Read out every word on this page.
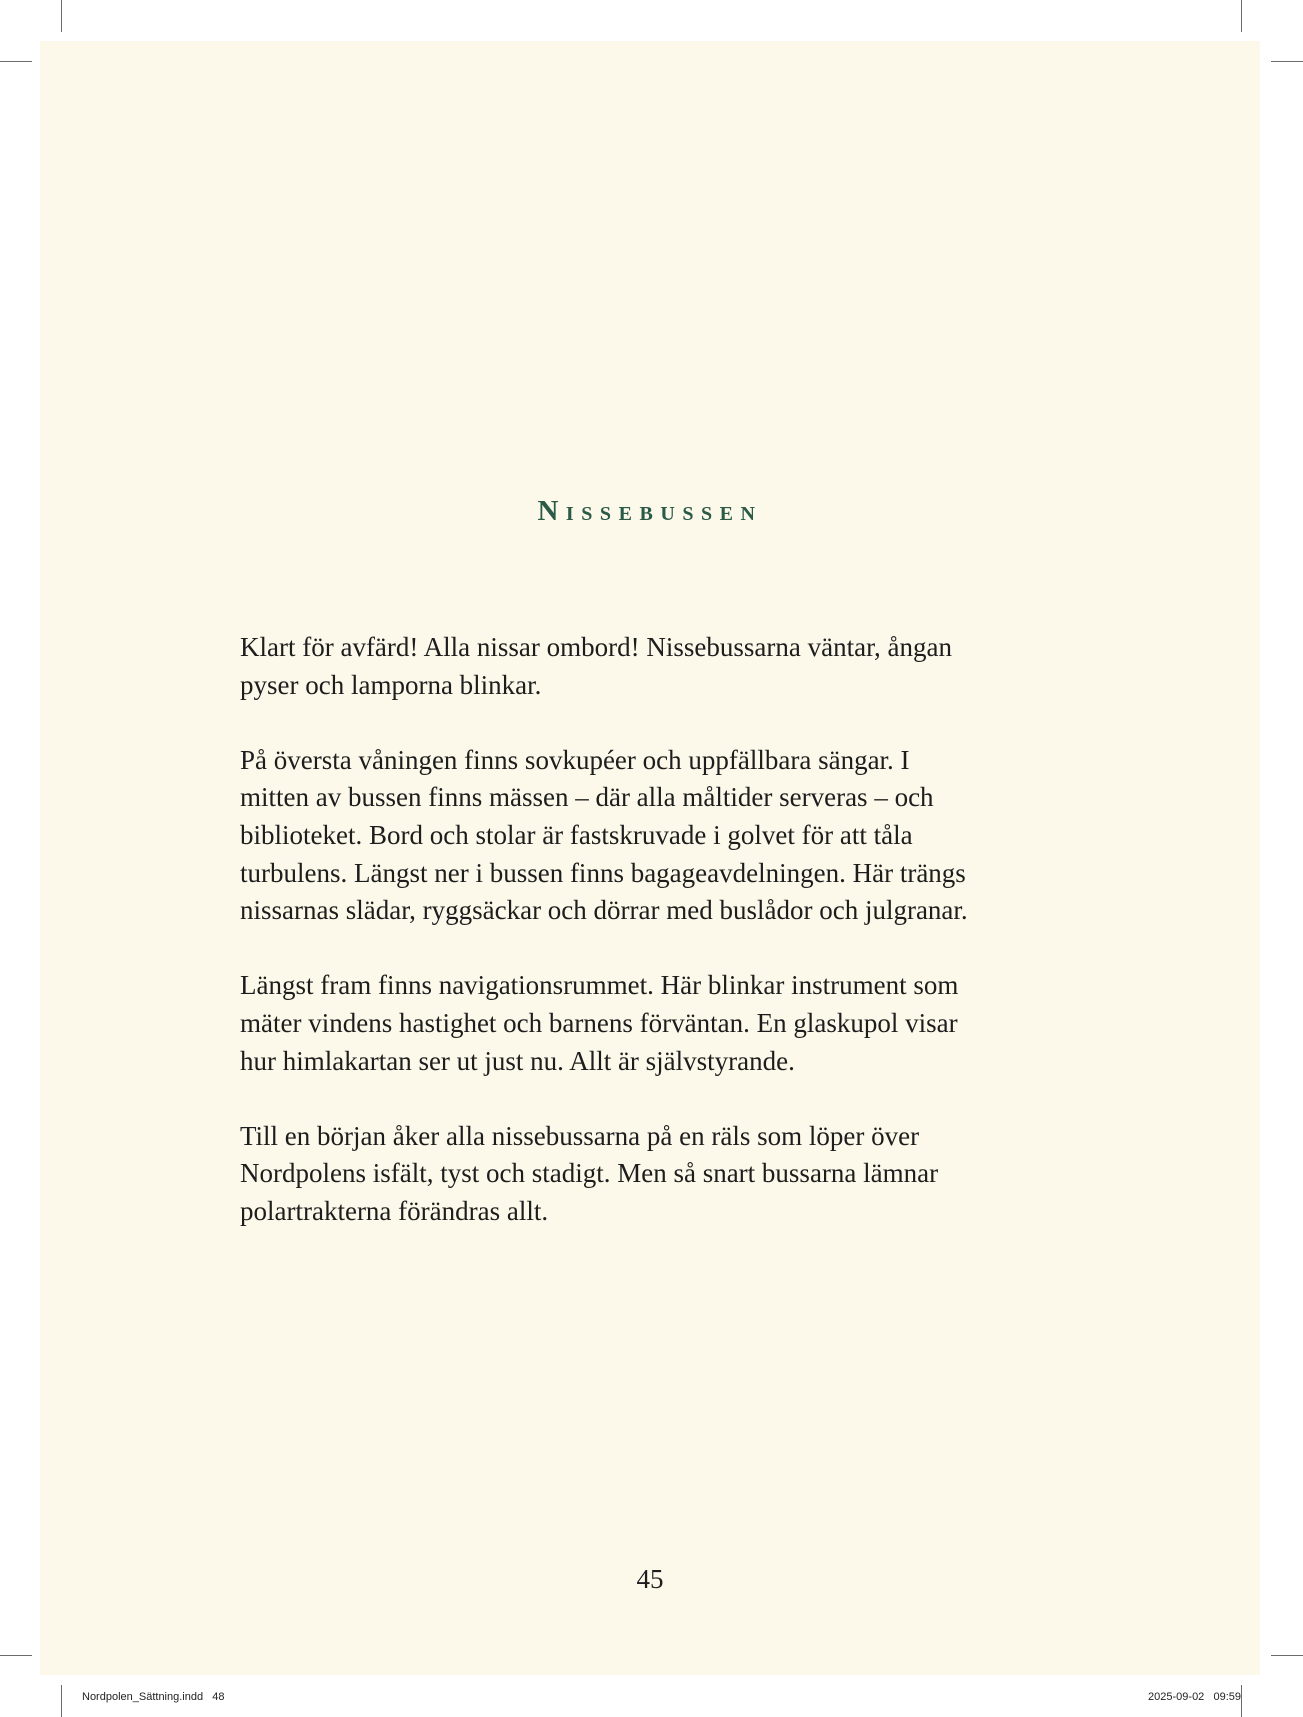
Nissebussen

Klart för avfärd! Alla nissar ombord! Nissebussarna väntar, ångan
pyser och lamporna blinkar.

På översta våningen finns sovkupéer och uppfällbara sängar. I
mitten av bussen finns mässen – där alla måltider serveras – och
biblioteket. Bord och stolar är fastskruvade i golvet för att tåla
turbulens. Längst ner i bussen finns bagageavdelningen. Här trängs
nissarnas slädar, ryggsäckar och dörrar med buslådor och julgranar.

Längst fram finns navigationsrummet. Här blinkar instrument som
mäter vindens hastighet och barnens förväntan. En glaskupol visar
hur himlakartan ser ut just nu. Allt är självstyrande.

Till en början åker alla nissebussarna på en räls som löper över
Nordpolens isfält, tyst och stadigt. Men så snart bussarna lämnar
polartrakterna förändras allt.

45
Nordpolen_Sättning.indd   48	2025-09-02   09:59
